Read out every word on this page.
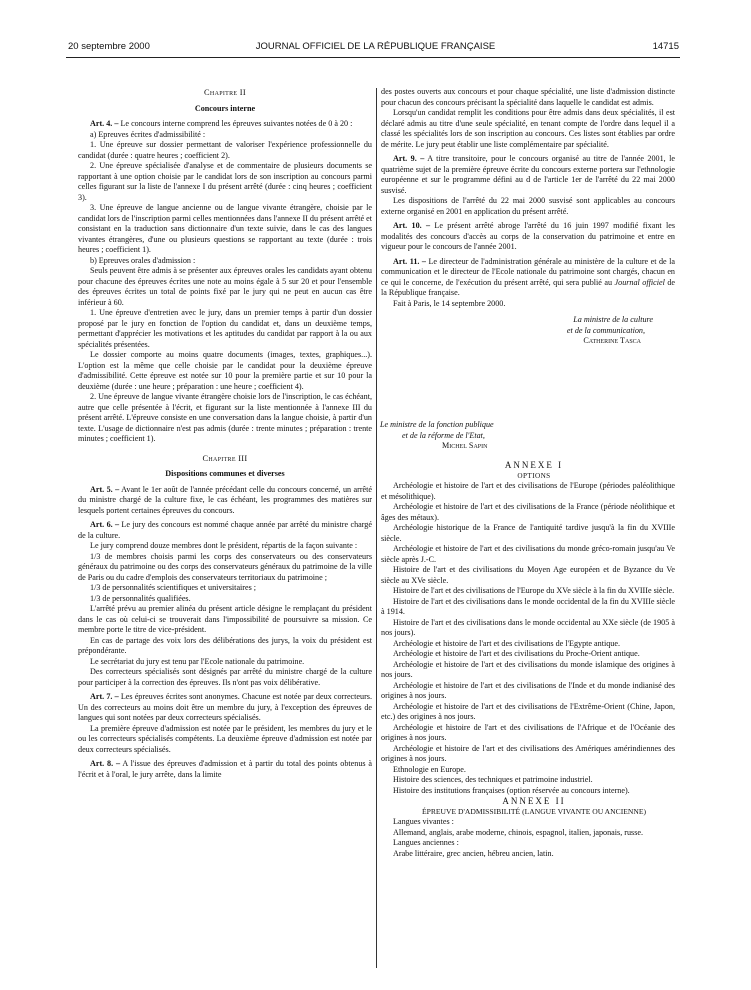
20 septembre 2000	JOURNAL OFFICIEL DE LA RÉPUBLIQUE FRANÇAISE	14715

Chapitre II

Concours interne

Art. 4. – Le concours interne comprend les épreuves suivantes notées de 0 à 20 :

a) Epreuves écrites d'admissibilité :

1. Une épreuve sur dossier permettant de valoriser l'expérience professionnelle du candidat (durée : quatre heures ; coefficient 2).

2. Une épreuve spécialisée d'analyse et de commentaire de plusieurs documents se rapportant à une option choisie par le candidat lors de son inscription au concours parmi celles figurant sur la liste de l'annexe I du présent arrêté (durée : cinq heures ; coefficient 3).

3. Une épreuve de langue ancienne ou de langue vivante étrangère, choisie par le candidat lors de l'inscription parmi celles mentionnées dans l'annexe II du présent arrêté et consistant en la traduction sans dictionnaire d'un texte suivie, dans le cas des langues vivantes étrangères, d'une ou plusieurs questions se rapportant au texte (durée : trois heures ; coefficient 1).

b) Epreuves orales d'admission :

Seuls peuvent être admis à se présenter aux épreuves orales les candidats ayant obtenu pour chacune des épreuves écrites une note au moins égale à 5 sur 20 et pour l'ensemble des épreuves écrites un total de points fixé par le jury qui ne peut en aucun cas être inférieur à 60.

1. Une épreuve d'entretien avec le jury, dans un premier temps à partir d'un dossier proposé par le jury en fonction de l'option du candidat et, dans un deuxième temps, permettant d'apprécier les motivations et les aptitudes du candidat par rapport à la ou aux spécialités présentées.

Le dossier comporte au moins quatre documents (images, textes, graphiques...). L'option est la même que celle choisie par le candidat pour la deuxième épreuve d'admissibilité. Cette épreuve est notée sur 10 pour la première partie et sur 10 pour la deuxième (durée : une heure ; préparation : une heure ; coefficient 4).

2. Une épreuve de langue vivante étrangère choisie lors de l'inscription, le cas échéant, autre que celle présentée à l'écrit, et figurant sur la liste mentionnée à l'annexe III du présent arrêté. L'épreuve consiste en une conversation dans la langue choisie, à partir d'un texte. L'usage de dictionnaire n'est pas admis (durée : trente minutes ; préparation : trente minutes ; coefficient 1).

Chapitre III

Dispositions communes et diverses

Art. 5. – Avant le 1er août de l'année précédant celle du concours concerné, un arrêté du ministre chargé de la culture fixe, le cas échéant, les programmes des matières sur lesquels portent certaines épreuves du concours.

Art. 6. – Le jury des concours est nommé chaque année par arrêté du ministre chargé de la culture.

Le jury comprend douze membres dont le président, répartis de la façon suivante :

1/3 de membres choisis parmi les corps des conservateurs ou des conservateurs généraux du patrimoine ou des corps des conservateurs généraux du patrimoine de la ville de Paris ou du cadre d'emplois des conservateurs territoriaux du patrimoine ;

1/3 de personnalités scientifiques et universitaires ;

1/3 de personnalités qualifiées.

L'arrêté prévu au premier alinéa du présent article désigne le remplaçant du président dans le cas où celui-ci se trouverait dans l'impossibilité de poursuivre sa mission. Ce membre porte le titre de vice-président.

En cas de partage des voix lors des délibérations des jurys, la voix du président est prépondérante.

Le secrétariat du jury est tenu par l'Ecole nationale du patrimoine.

Des correcteurs spécialisés sont désignés par arrêté du ministre chargé de la culture pour participer à la correction des épreuves. Ils n'ont pas voix délibérative.

Art. 7. – Les épreuves écrites sont anonymes. Chacune est notée par deux correcteurs. Un des correcteurs au moins doit être un membre du jury, à l'exception des épreuves de langues qui sont notées par deux correcteurs spécialisés.

La première épreuve d'admission est notée par le président, les membres du jury et le ou les correcteurs spécialisés compétents. La deuxième épreuve d'admission est notée par deux correcteurs spécialisés.

Art. 8. – A l'issue des épreuves d'admission et à partir du total des points obtenus à l'écrit et à l'oral, le jury arrête, dans la limite

des postes ouverts aux concours et pour chaque spécialité, une liste d'admission distincte pour chacun des concours précisant la spécialité dans laquelle le candidat est admis.

Lorsqu'un candidat remplit les conditions pour être admis dans deux spécialités, il est déclaré admis au titre d'une seule spécialité, en tenant compte de l'ordre dans lequel il a classé les spécialités lors de son inscription au concours. Ces listes sont établies par ordre de mérite. Le jury peut établir une liste complémentaire par spécialité.

Art. 9. – A titre transitoire, pour le concours organisé au titre de l'année 2001, le quatrième sujet de la première épreuve écrite du concours externe portera sur l'ethnologie européenne et sur le programme défini au d de l'article 1er de l'arrêté du 22 mai 2000 susvisé.

Les dispositions de l'arrêté du 22 mai 2000 susvisé sont applicables au concours externe organisé en 2001 en application du présent arrêté.

Art. 10. – Le présent arrêté abroge l'arrêté du 16 juin 1997 modifié fixant les modalités des concours d'accès au corps de la conservation du patrimoine et entre en vigueur pour le concours de l'année 2001.

Art. 11. – Le directeur de l'administration générale au ministère de la culture et de la communication et le directeur de l'Ecole nationale du patrimoine sont chargés, chacun en ce qui le concerne, de l'exécution du présent arrêté, qui sera publié au Journal officiel de la République française.

Fait à Paris, le 14 septembre 2000.

La ministre de la culture

et de la communication,

Catherine Tasca

Le ministre de la fonction publique

et de la réforme de l'Etat,

Michel Sapin

ANNEXE I

OPTIONS

Archéologie et histoire de l'art et des civilisations de l'Europe (périodes paléolithique et mésolithique).

Archéologie et histoire de l'art et des civilisations de la France (période néolithique et âges des métaux).

Archéologie historique de la France de l'antiquité tardive jusqu'à la fin du XVIIIe siècle.

Archéologie et histoire de l'art et des civilisations du monde gréco-romain jusqu'au Ve siècle après J.-C.

Histoire de l'art et des civilisations du Moyen Age européen et de Byzance du Ve siècle au XVe siècle.

Histoire de l'art et des civilisations de l'Europe du XVe siècle à la fin du XVIIIe siècle.

Histoire de l'art et des civilisations dans le monde occidental de la fin du XVIIIe siècle à 1914.

Histoire de l'art et des civilisations dans le monde occidental au XXe siècle (de 1905 à nos jours).

Archéologie et histoire de l'art et des civilisations de l'Egypte antique.

Archéologie et histoire de l'art et des civilisations du Proche-Orient antique.

Archéologie et histoire de l'art et des civilisations du monde islamique des origines à nos jours.

Archéologie et histoire de l'art et des civilisations de l'Inde et du monde indianisé des origines à nos jours.

Archéologie et histoire de l'art et des civilisations de l'Extrême-Orient (Chine, Japon, etc.) des origines à nos jours.

Archéologie et histoire de l'art et des civilisations de l'Afrique et de l'Océanie des origines à nos jours.

Archéologie et histoire de l'art et des civilisations des Amériques amérindiennes des origines à nos jours.

Ethnologie en Europe.

Histoire des sciences, des techniques et patrimoine industriel.

Histoire des institutions françaises (option réservée au concours interne).

ANNEXE II

ÉPREUVE D'ADMISSIBILITÉ (LANGUE VIVANTE OU ANCIENNE)

Langues vivantes :

Allemand, anglais, arabe moderne, chinois, espagnol, italien, japonais, russe.

Langues anciennes :

Arabe littéraire, grec ancien, hébreu ancien, latin.
